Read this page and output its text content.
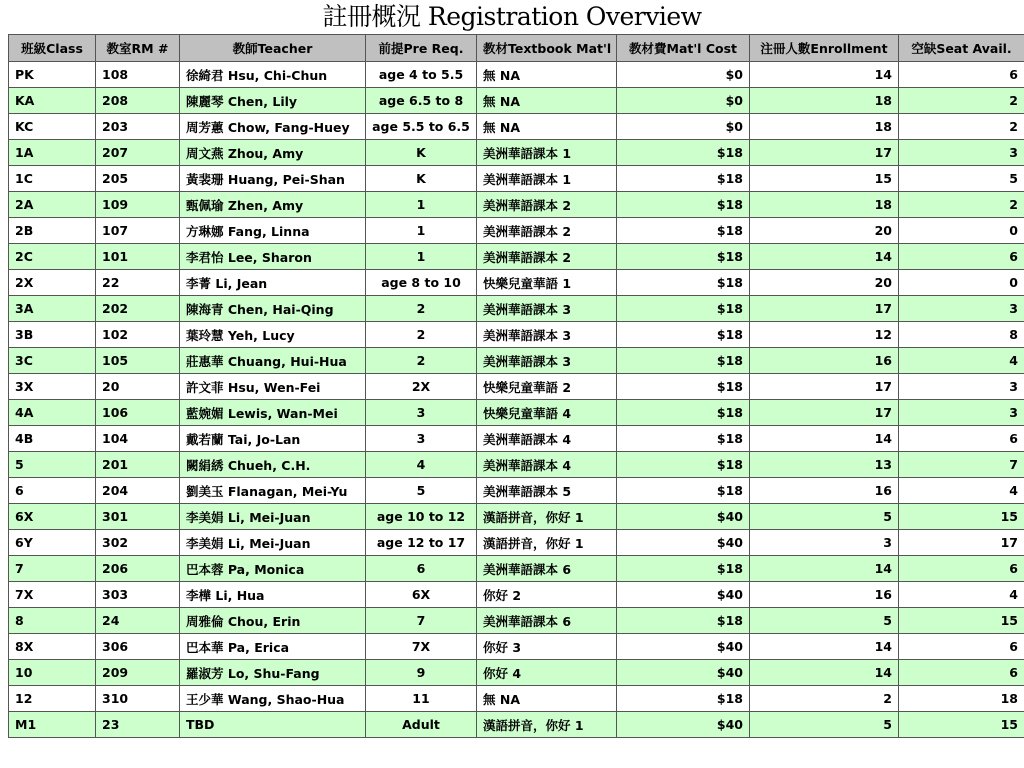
註冊概況 Registration Overview
班級Class	教室RM #	教師Teacher	前提Pre Req.	教材Textbook Mat'l	教材費Mat'l Cost	注冊人數Enrollment	空缺Seat Avail.
PK	108	徐綺君 Hsu, Chi-Chun	age 4 to 5.5	無 NA	$0	14	6
KA	208	陳麗琴 Chen, Lily	age 6.5 to 8	無 NA	$0	18	2
KC	203	周芳蕙 Chow, Fang-Huey	age 5.5 to 6.5	無 NA	$0	18	2
1A	207	周文燕 Zhou, Amy	K	美洲華語課本 1	$18	17	3
1C	205	黃裴珊 Huang, Pei-Shan	K	美洲華語課本 1	$18	15	5
2A	109	甄佩瑜 Zhen, Amy	1	美洲華語課本 2	$18	18	2
2B	107	方琳娜 Fang, Linna	1	美洲華語課本 2	$18	20	0
2C	101	李君怡 Lee, Sharon	1	美洲華語課本 2	$18	14	6
2X	22	李菁 Li, Jean	age 8 to 10	快樂兒童華語 1	$18	20	0
3A	202	陳海青 Chen, Hai-Qing	2	美洲華語課本 3	$18	17	3
3B	102	葉玲慧 Yeh, Lucy	2	美洲華語課本 3	$18	12	8
3C	105	莊惠華 Chuang, Hui-Hua	2	美洲華語課本 3	$18	16	4
3X	20	許文菲 Hsu, Wen-Fei	2X	快樂兒童華語 2	$18	17	3
4A	106	藍婉媚 Lewis, Wan-Mei	3	快樂兒童華語 4	$18	17	3
4B	104	戴若蘭 Tai, Jo-Lan	3	美洲華語課本 4	$18	14	6
5	201	闕絹綉 Chueh, C.H.	4	美洲華語課本 4	$18	13	7
6	204	劉美玉 Flanagan, Mei-Yu	5	美洲華語課本 5	$18	16	4
6X	301	李美娟 Li, Mei-Juan	age 10 to 12	漢語拼音，你好 1	$40	5	15
6Y	302	李美娟 Li, Mei-Juan	age 12 to 17	漢語拼音，你好 1	$40	3	17
7	206	巴本蓉 Pa, Monica	6	美洲華語課本 6	$18	14	6
7X	303	李樺 Li, Hua	6X	你好 2	$40	16	4
8	24	周雅倫 Chou, Erin	7	美洲華語課本 6	$18	5	15
8X	306	巴本華 Pa, Erica	7X	你好 3	$40	14	6
10	209	羅淑芳 Lo, Shu-Fang	9	你好 4	$40	14	6
12	310	王少華 Wang, Shao-Hua	11	無 NA	$18	2	18
M1	23	TBD	Adult	漢語拼音，你好 1	$40	5	15
